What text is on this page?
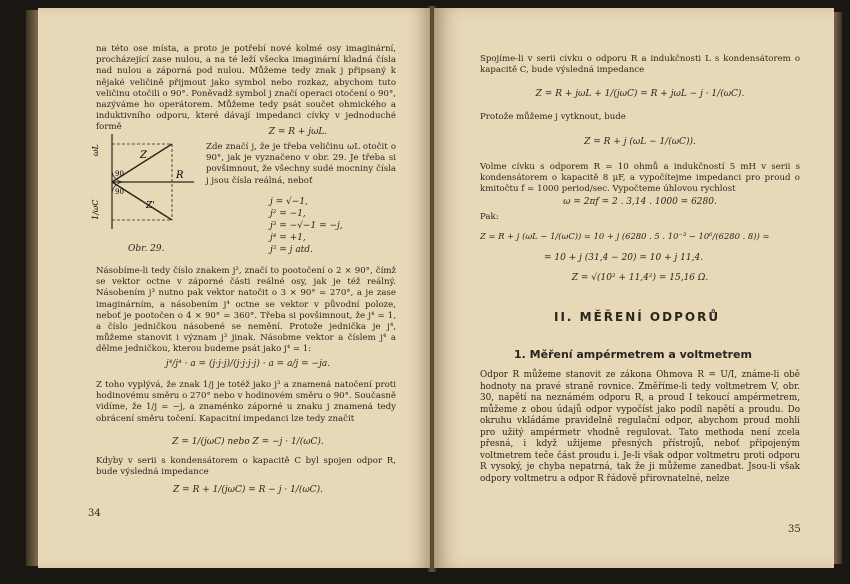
na této ose místa, a proto je potřebí nové kolmé osy imaginární, procházející zase nulou, a na té leží všecka imaginární kladná čísla nad nulou a záporná pod nulou. Můžeme tedy znak j připsaný k nějaké veličině přijmout jako symbol nebo rozkaz, abychom tuto veličinu otočili o 90°. Poněvadž symbol j značí operaci otočení o 90°, nazýváme ho operátorem. Můžeme tedy psát součet ohmického a induktivního odporu, které dávají impedanci cívky v jednoduché formě	Z = R + jωL.
Z
Z'
R
90
90
ωL
1/ωC
Zde značí j, že je třeba veličinu ωL otočit o 90°, jak je vyznačeno v obr. 29. Je třeba si povšimnout, že všechny sudé mocniny čísla j jsou čísla reálná, neboť
j = √−1,
j² = −1,
j³ = −√−1 = −j,
j⁴ = +1,
j⁵ = j atd.
Obr. 29.
Násobíme-li tedy číslo znakem j², značí to pootočení o 2 × 90°, čímž se vektor octne v záporné části reálné osy, jak je též reálný. Násobením j³ nutno pak vektor natočit o 3 × 90° = 270°, a je zase imaginárním, a násobením j⁴ octne se vektor v původní poloze, neboť je pootočen o 4 × 90° = 360°. Třeba si povšimnout, že j⁴ = 1, a číslo jedničkou násobené se nemění. Protože jednička je j⁴, můžeme stanovit i význam j³ jinak. Násobme vektor a číslem j⁴ a dělme jedničkou, kterou budeme psát jako j⁴ = 1:
j⁴/j⁴ · a = (j·j·j)/(j·j·j·j) · a = a/j = −ja.
Z toho vyplývá, že znak 1/j je totéž jako j³ a znamená natočení proti hodinovému směru o 270° nebo v hodinovém směru o 90°. Současně vidíme, že 1/j = −j, a znaménko záporné u znaku j znamená tedy obrácení směru točení. Kapacitní impedanci lze tedy značit
Z = 1/(jωC) nebo Z = −j · 1/(ωC).
Kdyby v serii s kondensátorem o kapacitě C byl spojen odpor R, bude výsledná impedance
Z = R + 1/(jωC) = R − j · 1/(ωC).
34
Spojíme-li v serii cívku o odporu R a indukčnosti L s kondensátorem o kapacitě C, bude výsledná impedance
Z = R + jωL + 1/(jωC) = R + jωL − j · 1/(ωC).
Protože můžeme j vytknout, bude
Z = R + j (ωL − 1/(ωC)).
Volme cívku s odporem R = 10 ohmů a indukčností 5 mH v serii s kondensátorem o kapacitě 8 μF, a vypočítejme impedanci pro proud o kmitočtu f = 1000 period/sec. Vypočteme úhlovou rychlost
ω = 2πf = 2 . 3,14 . 1000 = 6280.
Pak:
Z = R + j (ωL − 1/(ωC)) = 10 + j (6280 . 5 . 10⁻³ − 10⁶/(6280 . 8)) =
= 10 + j (31,4 − 20) = 10 + j 11,4.
Z = √(10² + 11,4²) = 15,16 Ω.
II. MĚŘENÍ ODPORŮ
1. Měření ampérmetrem a voltmetrem
Odpor R můžeme stanovit ze zákona Ohmova R = U/I, známe-li obě hodnoty na pravé straně rovnice. Změříme-li tedy voltmetrem V, obr. 30, napětí na neznámém odporu R, a proud I tekoucí ampérmetrem, můžeme z obou údajů odpor vypočíst jako podíl napětí a proudu. Do okruhu vkládáme pravidelně regulační odpor, abychom proud mohli pro užitý ampérmetr vhodně regulovat. Tato methoda není zcela přesná, i když užijeme přesných přístrojů, neboť připojeným voltmetrem teče část proudu i. Je-li však odpor voltmetru proti odporu R vysoký, je chyba nepatrná, tak že ji můžeme zanedbat. Jsou-li však odpory voltmetru a odpor R řádově přirovnatelné, nelze
35
